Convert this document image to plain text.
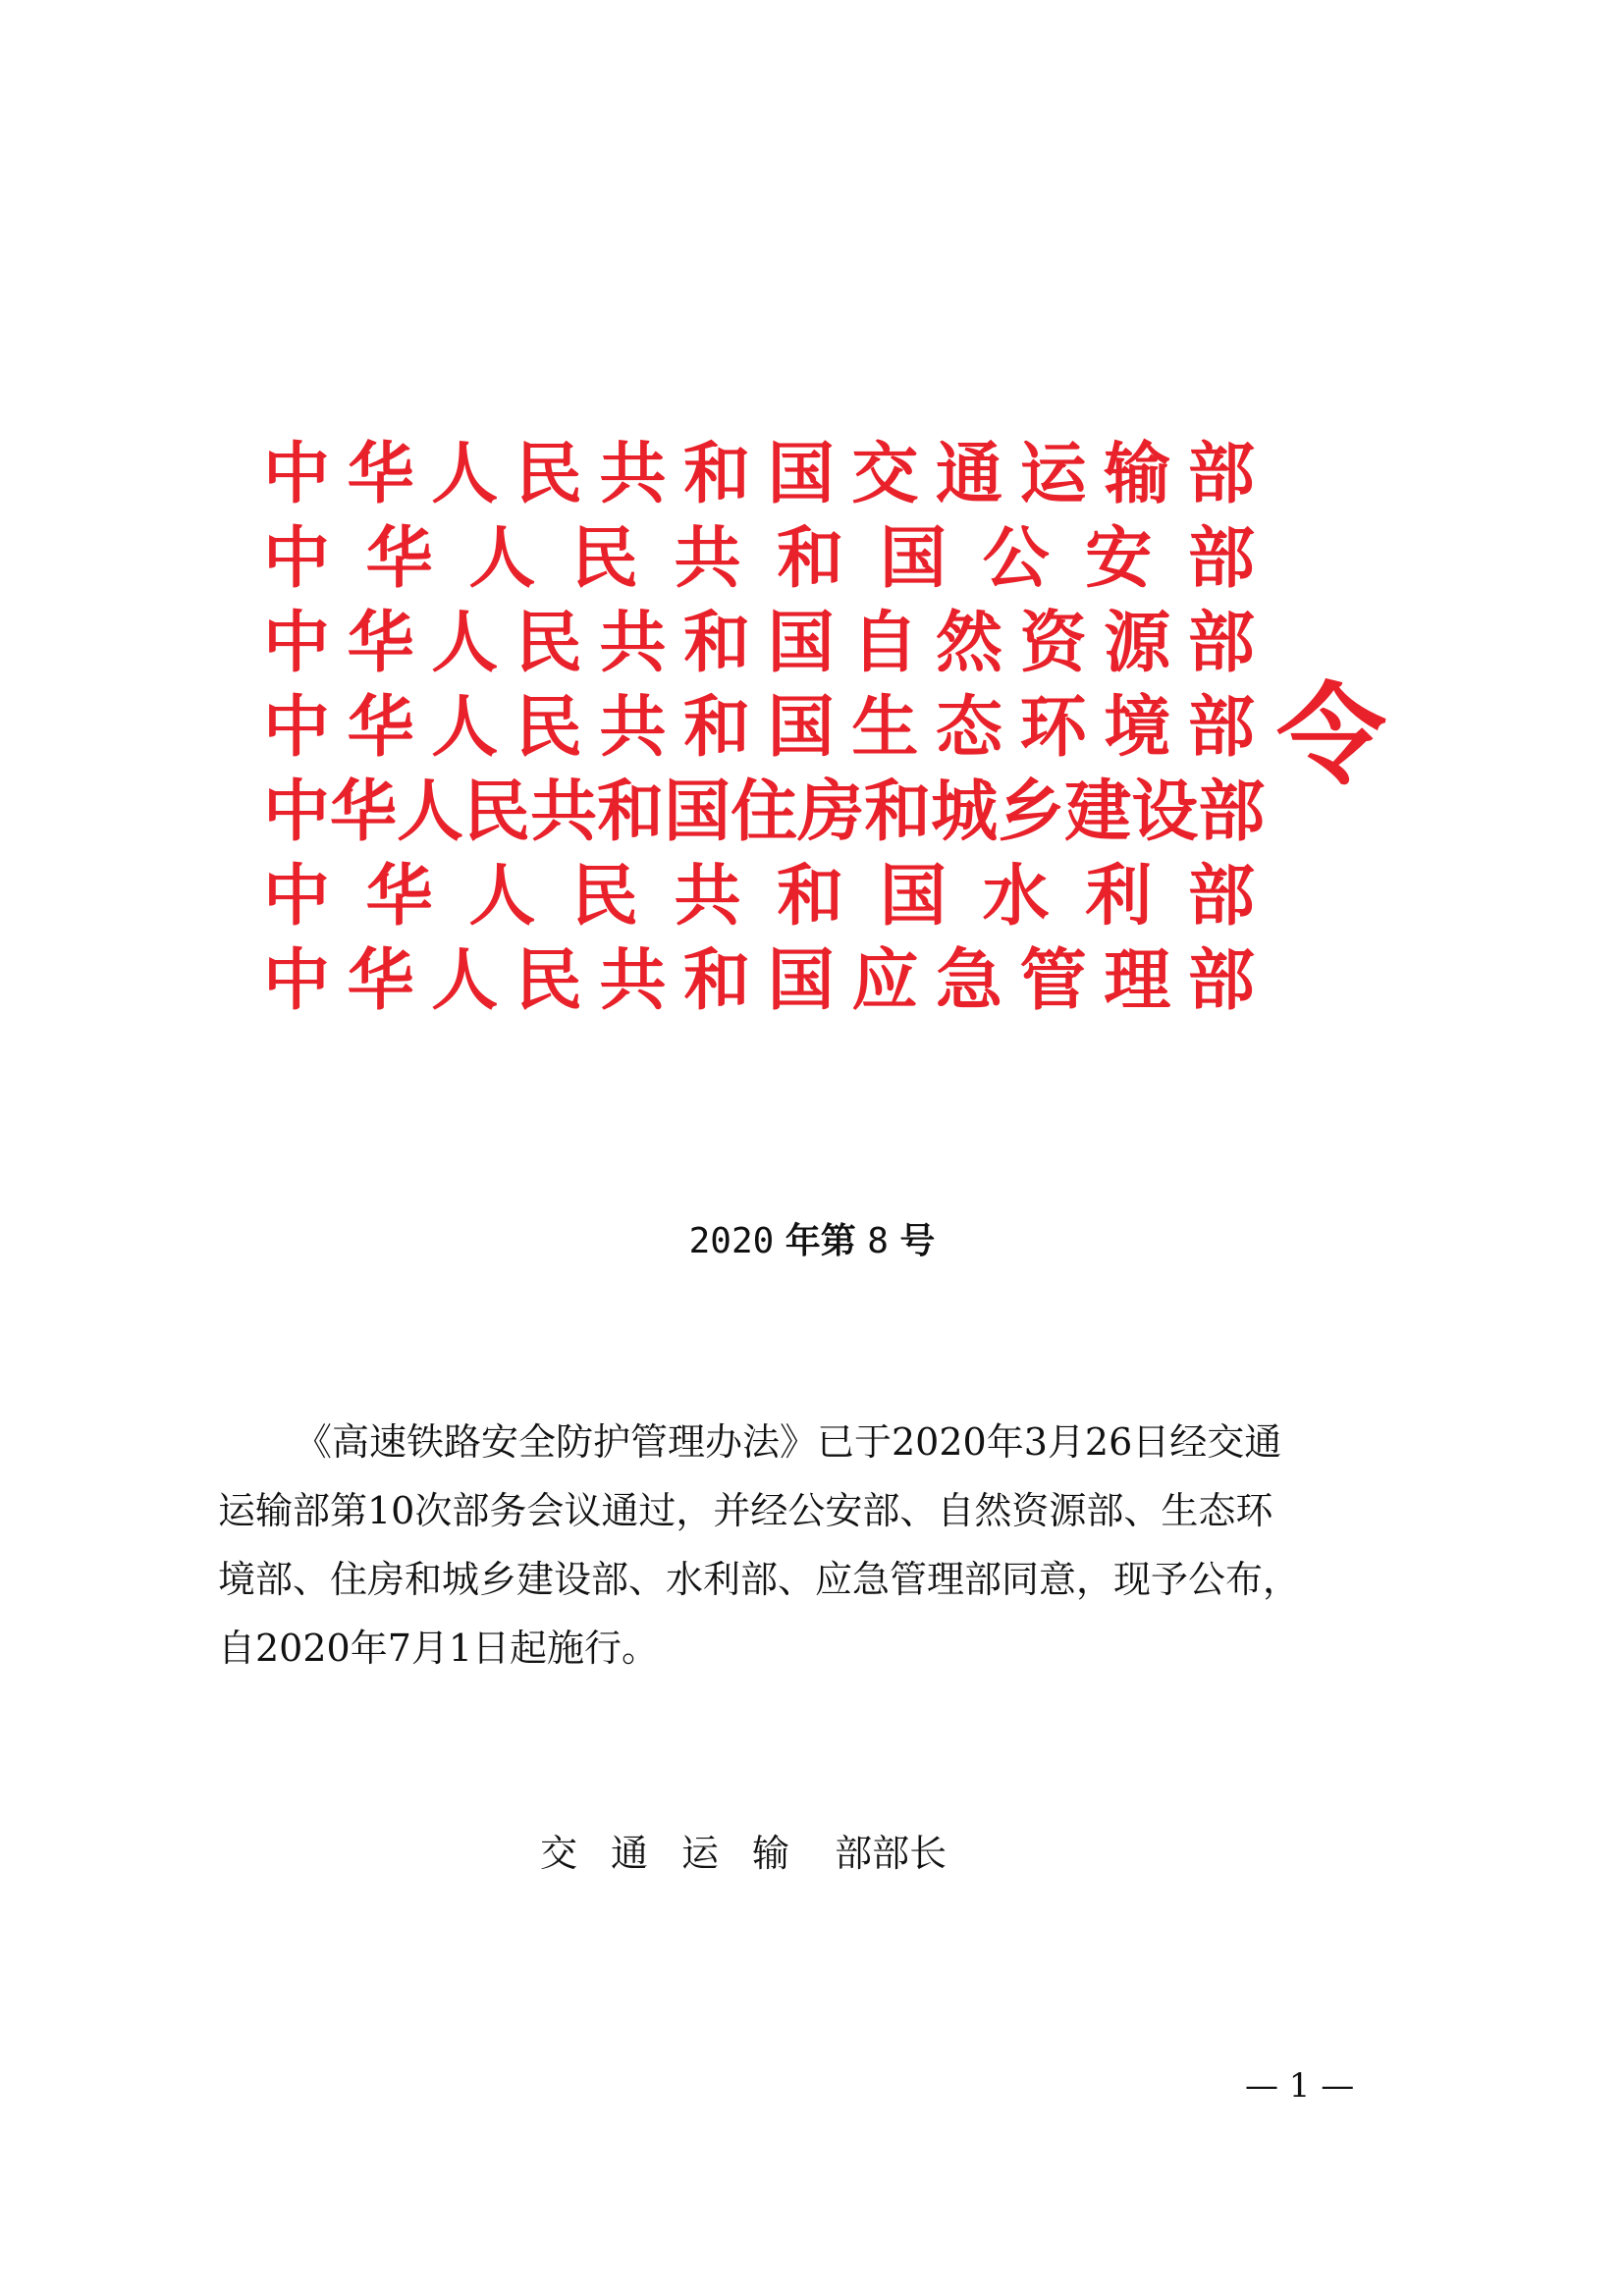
中 华 人 民 共 和 国 交 通 运 输 部
中 华 人 民 共 和 国 公 安 部
中 华 人 民 共 和 国 自 然 资 源 部
中 华 人 民 共 和 国 生 态 环 境 部
中 华 人 民 共 和 国 住 房 和 城 乡 建 设 部
中 华 人 民 共 和 国 水 利 部
中 华 人 民 共 和 国 应 急 管 理 部
令
2020 年第 8 号
《高速铁路安全防护管理办法》已于2020年3月26日经交通
运输部第10次部务会议通过，并经公安部、自然资源部、生态环
境部、住房和城乡建设部、水利部、应急管理部同意，现予公布，
自2020年7月1日起施行。
交通运输 部部长
— 1 —
